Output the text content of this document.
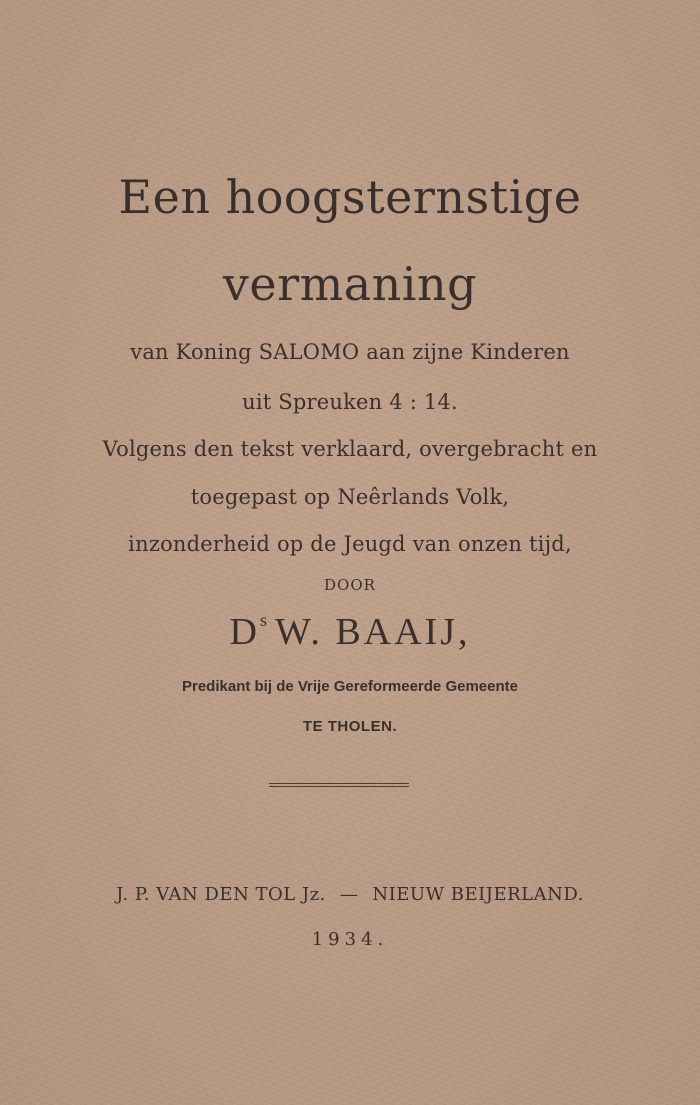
Een hoogsternstige

vermaning

van Koning SALOMO aan zijne Kinderen

uit Spreuken 4 : 14.

Volgens den tekst verklaard, overgebracht en

toegepast op Neêrlands Volk,

inzonderheid op de Jeugd van onzen tijd,

DOOR

$D^s$ W. BAAIJ,

Predikant bij de Vrije Gereformeerde Gemeente

TE THOLEN.

J. P. VAN DEN TOL Jz. — NIEUW BEIJERLAND.

1934.
